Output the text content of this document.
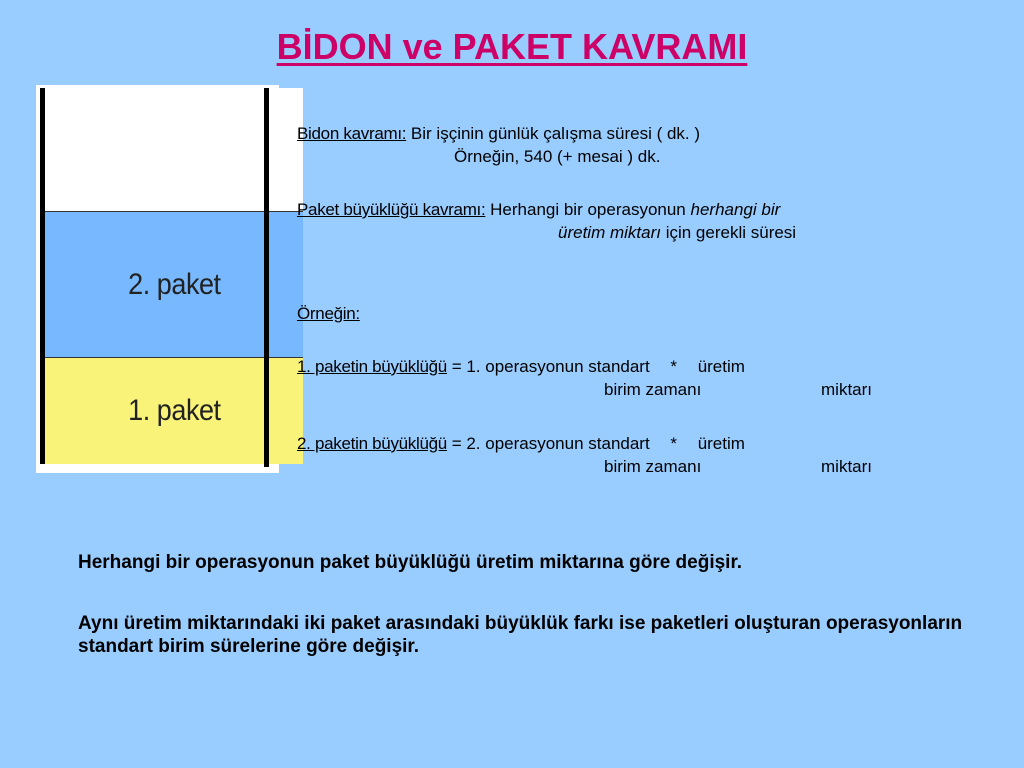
BİDON ve PAKET KAVRAMI
2. paket
1. paket
Bidon kavramı: Bir işçinin günlük çalışma süresi ( dk. )
Örneğin, 540 (+ mesai ) dk.
Paket büyüklüğü kavramı: Herhangi bir operasyonun herhangi bir
üretim miktarı için gerekli süresi
Örneğin:
1. paketin büyüklüğü = 1. operasyonun standart * üretim
birim zamanı	miktarı
2. paketin büyüklüğü = 2. operasyonun standart * üretim
birim zamanı	miktarı
Herhangi bir operasyonun paket büyüklüğü üretim miktarına göre değişir.
Aynı üretim miktarındaki iki paket arasındaki büyüklük farkı ise paketleri oluşturan operasyonların standart birim sürelerine göre değişir.
